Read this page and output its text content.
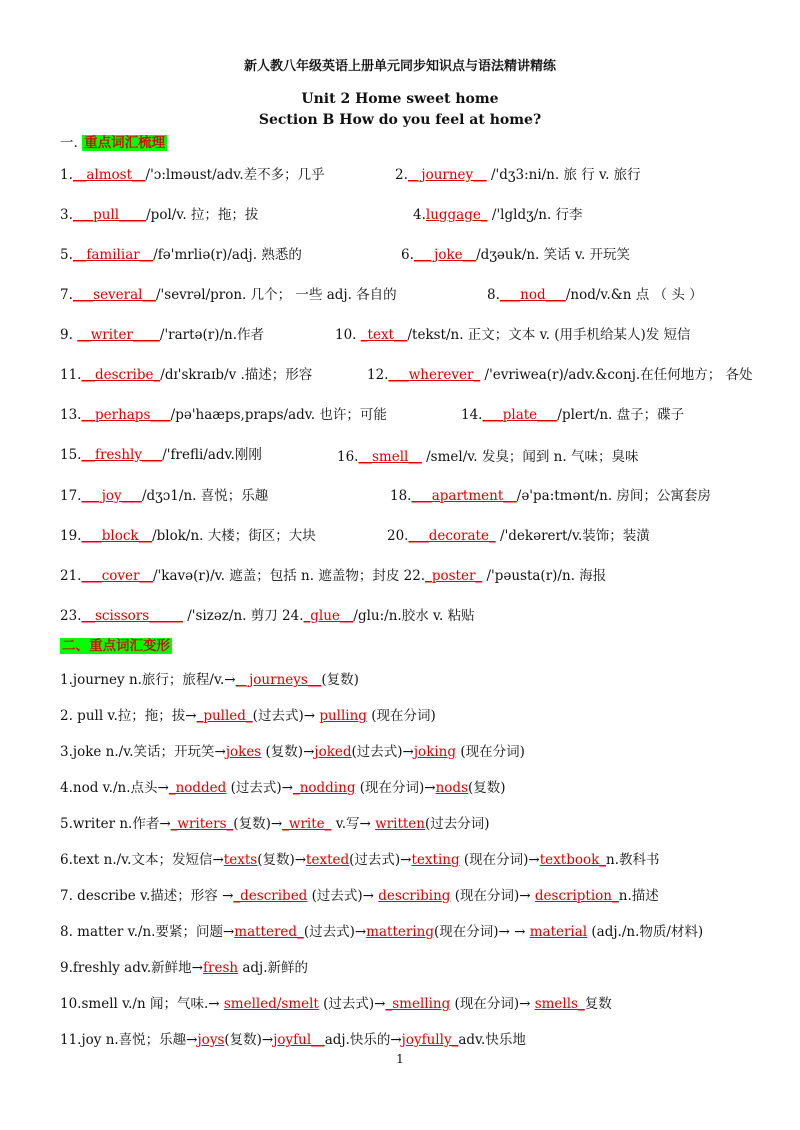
新人教八年级英语上册单元同步知识点与语法精讲精练
Unit 2 Home sweet home
Section B How do you feel at home?
一. 重点词汇梳理
1.__almost__/'ɔ:lməust/adv.差不多；几乎	2.__journey__ /'dʒ3:ni/n. 旅 行 v. 旅行
3.___pull____/pol/v. 拉；拖；拔	4.luggage_ /'lgldʒ/n. 行李
5.__familiar__/fə'mrliə(r)/adj. 熟悉的	6.___joke__/dʒəuk/n. 笑话 v. 开玩笑
7.___several__/'sevrəl/pron. 几个； 一些 adj. 各自的	8.___nod___/nod/v.&n 点 （ 头 ）
9. __writer____/'rartə(r)/n.作者	10. _text__/tekst/n. 正文；文本 v. (用手机给某人)发 短信
11.__describe_/dɪ'skraɪb/v .描述；形容	12.___wherever_ /'evriwea(r)/adv.&conj.在任何地方； 各处
13.__perhaps___/pə'haæps,praps/adv. 也许；可能	14.___plate___/plert/n. 盘子；碟子
15.__freshly___/'frefli/adv.刚刚	16.__smell__ /smel/v. 发臭；闻到 n. 气味；臭味
17.___joy___/dʒɔ1/n. 喜悦；乐趣	18.___apartment__/ə'pa:tmənt/n. 房间；公寓套房
19.___block__/blok/n. 大楼；街区；大块	20.___decorate_ /'dekərert/v.装饰；装潢
21.___cover__/'kavə(r)/v. 遮盖；包括 n. 遮盖物；封皮 22._poster_ /'pəusta(r)/n. 海报
23.__scissors_____ /'sizəz/n. 剪刀 24._glue__/glu:/n.胶水 v. 粘贴
二、重点词汇变形
1.journey n.旅行；旅程/v.→__journeys__(复数)
2. pull v.拉；拖；拔→_pulled_(过去式)→ pulling (现在分词)
3.joke n./v.笑话；开玩笑→jokes (复数)→joked(过去式)→joking (现在分词)
4.nod v./n.点头→_nodded (过去式)→_nodding (现在分词)→nods(复数)
5.writer n.作者→_writers_(复数)→_write_ v.写→ written(过去分词)
6.text n./v.文本；发短信→texts(复数)→texted(过去式)→texting (现在分词)→textbook_n.教科书
7. describe v.描述；形容 →_described (过去式)→ describing (现在分词)→ description_n.描述
8. matter v./n.要紧；问题→mattered_(过去式)→mattering(现在分词)→ → material (adj./n.物质/材料)
9.freshly adv.新鲜地→fresh adj.新鲜的
10.smell v./n 闻；气味.→ smelled/smelt (过去式)→_smelling (现在分词)→ smells_复数
11.joy n.喜悦；乐趣→joys(复数)→joyful__adj.快乐的→joyfully_adv.快乐地
1
